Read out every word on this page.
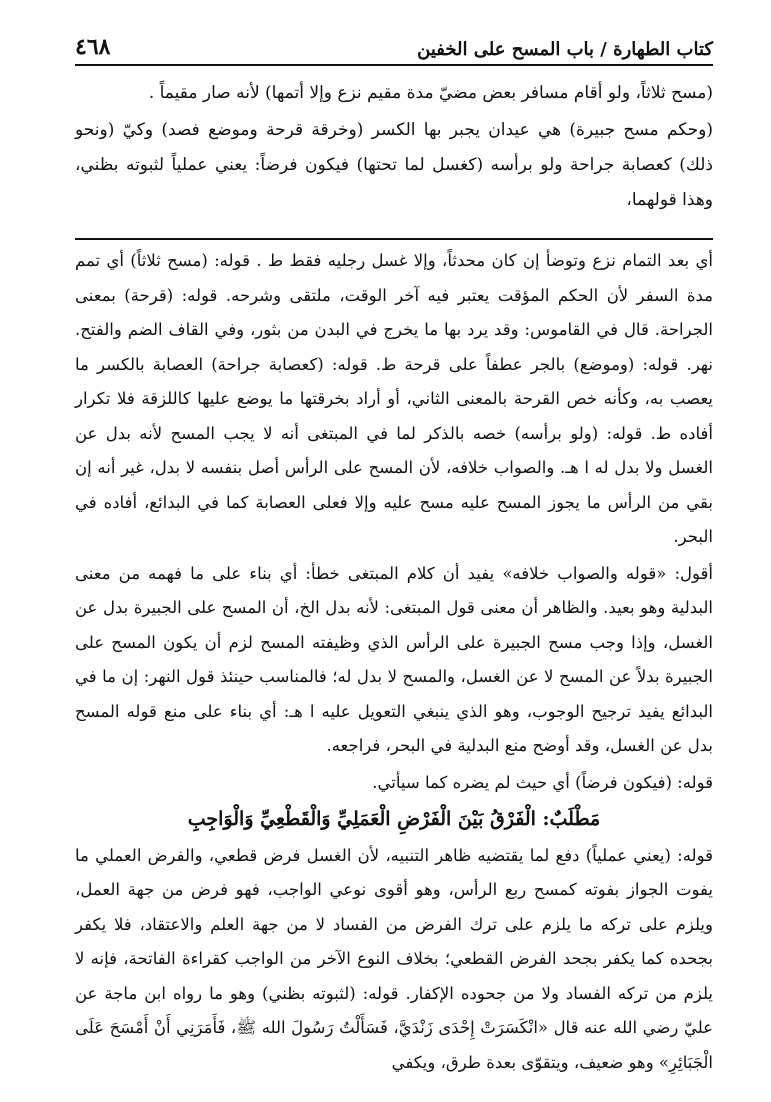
كتاب الطهارة / باب المسح على الخفين
٤٦٨

(مسح ثلاثاً، ولو أقام مسافر بعض مضيّ مدة مقيم نزع وإلا أتمها) لأنه صار مقيماً .

(وحكم مسح جبيرة) هي عيدان يجبر بها الكسر (وخرقة قرحة وموضع فصد) وكيّ (ونحو ذلك) كعصابة جراحة ولو برأسه (كغسل لما تحتها) فيكون فرضاً: يعني عملياً لثبوته بظني، وهذا قولهما،

أي بعد التمام نزع وتوضأ إن كان محدثاً، وإلا غسل رجليه فقط ط . قوله: (مسح ثلاثاً) أي تمم مدة السفر لأن الحكم المؤقت يعتبر فيه آخر الوقت، ملتقى وشرحه. قوله: (قرحة) بمعنى الجراحة. قال في القاموس: وقد يرد بها ما يخرج في البدن من بثور، وفي القاف الضم والفتح. نهر. قوله: (وموضع) بالجر عطفاً على قرحة ط. قوله: (كعصابة جراحة) العصابة بالكسر ما يعصب به، وكأنه خص القرحة بالمعنى الثاني، أو أراد بخرقتها ما يوضع عليها كاللزقة فلا تكرار أفاده ط. قوله: (ولو برأسه) خصه بالذكر لما في المبتغى أنه لا يجب المسح لأنه بدل عن الغسل ولا بدل له ا هـ. والصواب خلافه، لأن المسح على الرأس أصل بنفسه لا بدل، غير أنه إن بقي من الرأس ما يجوز المسح عليه مسح عليه وإلا فعلى العصابة كما في البدائع، أفاده في البحر.

أقول: «قوله والصواب خلافه» يفيد أن كلام المبتغى خطأ: أي بناء على ما فهمه من معنى البدلية وهو بعيد. والظاهر أن معنى قول المبتغى: لأنه بدل الخ، أن المسح على الجبيرة بدل عن الغسل، وإذا وجب مسح الجبيرة على الرأس الذي وظيفته المسح لزم أن يكون المسح على الجبيرة بدلاً عن المسح لا عن الغسل، والمسح لا بدل له؛ فالمناسب حينئذ قول النهر: إن ما في البدائع يفيد ترجيح الوجوب، وهو الذي ينبغي التعويل عليه ا هـ: أي بناء على منع قوله المسح بدل عن الغسل، وقد أوضح منع البدلية في البحر، فراجعه.

قوله: (فيكون فرضاً) أي حيث لم يضره كما سيأتي.

مَطْلَبٌ: الْفَرْقُ بَيْنَ الْفَرْضِ الْعَمَلِيِّ وَالْقَطْعِيِّ وَالْوَاجِبِ

قوله: (يعني عملياً) دفع لما يقتضيه ظاهر التنبيه، لأن الغسل فرض قطعي، والفرض العملي ما يفوت الجواز بفوته كمسح ربع الرأس، وهو أقوى نوعي الواجب، فهو فرض من جهة العمل، ويلزم على تركه ما يلزم على ترك الفرض من الفساد لا من جهة العلم والاعتقاد، فلا يكفر بجحده كما يكفر بجحد الفرض القطعي؛ بخلاف النوع الآخر من الواجب كقراءة الفاتحة، فإنه لا يلزم من تركه الفساد ولا من جحوده الإكفار. قوله: (لثبوته بظني) وهو ما رواه ابن ماجة عن عليّ رضي الله عنه قال «انْكَسَرَتْ إِحْدَى زَنْدَيَّ، فَسَأَلْتُ رَسُولَ الله ﷺ، فَأَمَرَنِي أَنْ أَمْسَحَ عَلَى الْجَبَائِرِ» وهو ضعيف، ويتقوّى بعدة طرق، ويكفي
